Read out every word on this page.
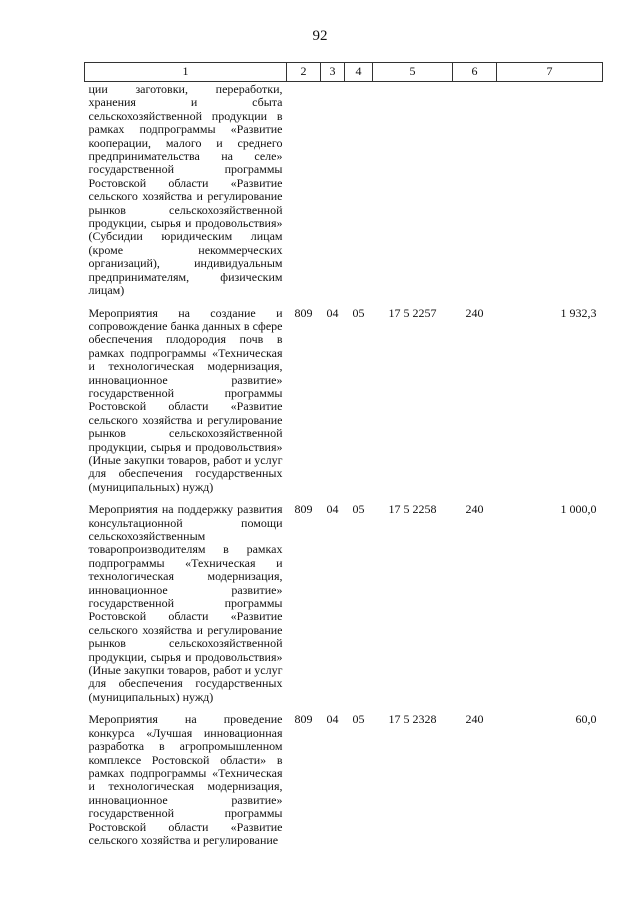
92
1	2	3	4	5	6	7
ции заготовки, переработки, хранения и сбыта сельскохозяйственной продукции в рамках подпрограммы «Развитие кооперации, малого и среднего предпринимательства на селе» государственной программы Ростовской области «Развитие сельского хозяйства и регулирование рынков сельскохозяйственной продукции, сырья и продовольствия» (Субсидии юридическим лицам (кроме некоммерческих организаций), индивидуальным предпринимателям, физическим лицам)						
Мероприятия на создание и сопровождение банка данных в сфере обеспечения плодородия почв в рамках подпрограммы «Техническая и технологическая модернизация, инновационное развитие» государственной программы Ростовской области «Развитие сельского хозяйства и регулирование рынков сельскохозяйственной продукции, сырья и продовольствия» (Иные закупки товаров, работ и услуг для обеспечения государственных (муниципальных) нужд)	809	04	05	17 5 2257	240	1 932,3
Мероприятия на поддержку развития консультационной помощи сельскохозяйственным товаропроизводителям в рамках подпрограммы «Техническая и технологическая модернизация, инновационное развитие» государственной программы Ростовской области «Развитие сельского хозяйства и регулирование рынков сельскохозяйственной продукции, сырья и продовольствия» (Иные закупки товаров, работ и услуг для обеспечения государственных (муниципальных) нужд)	809	04	05	17 5 2258	240	1 000,0
Мероприятия на проведение конкурса «Лучшая инновационная разработка в агропромышленном комплексе Ростовской области» в рамках подпрограммы «Техническая и технологическая модернизация, инновационное развитие» государственной программы Ростовской области «Развитие сельского хозяйства и регулирование	809	04	05	17 5 2328	240	60,0
